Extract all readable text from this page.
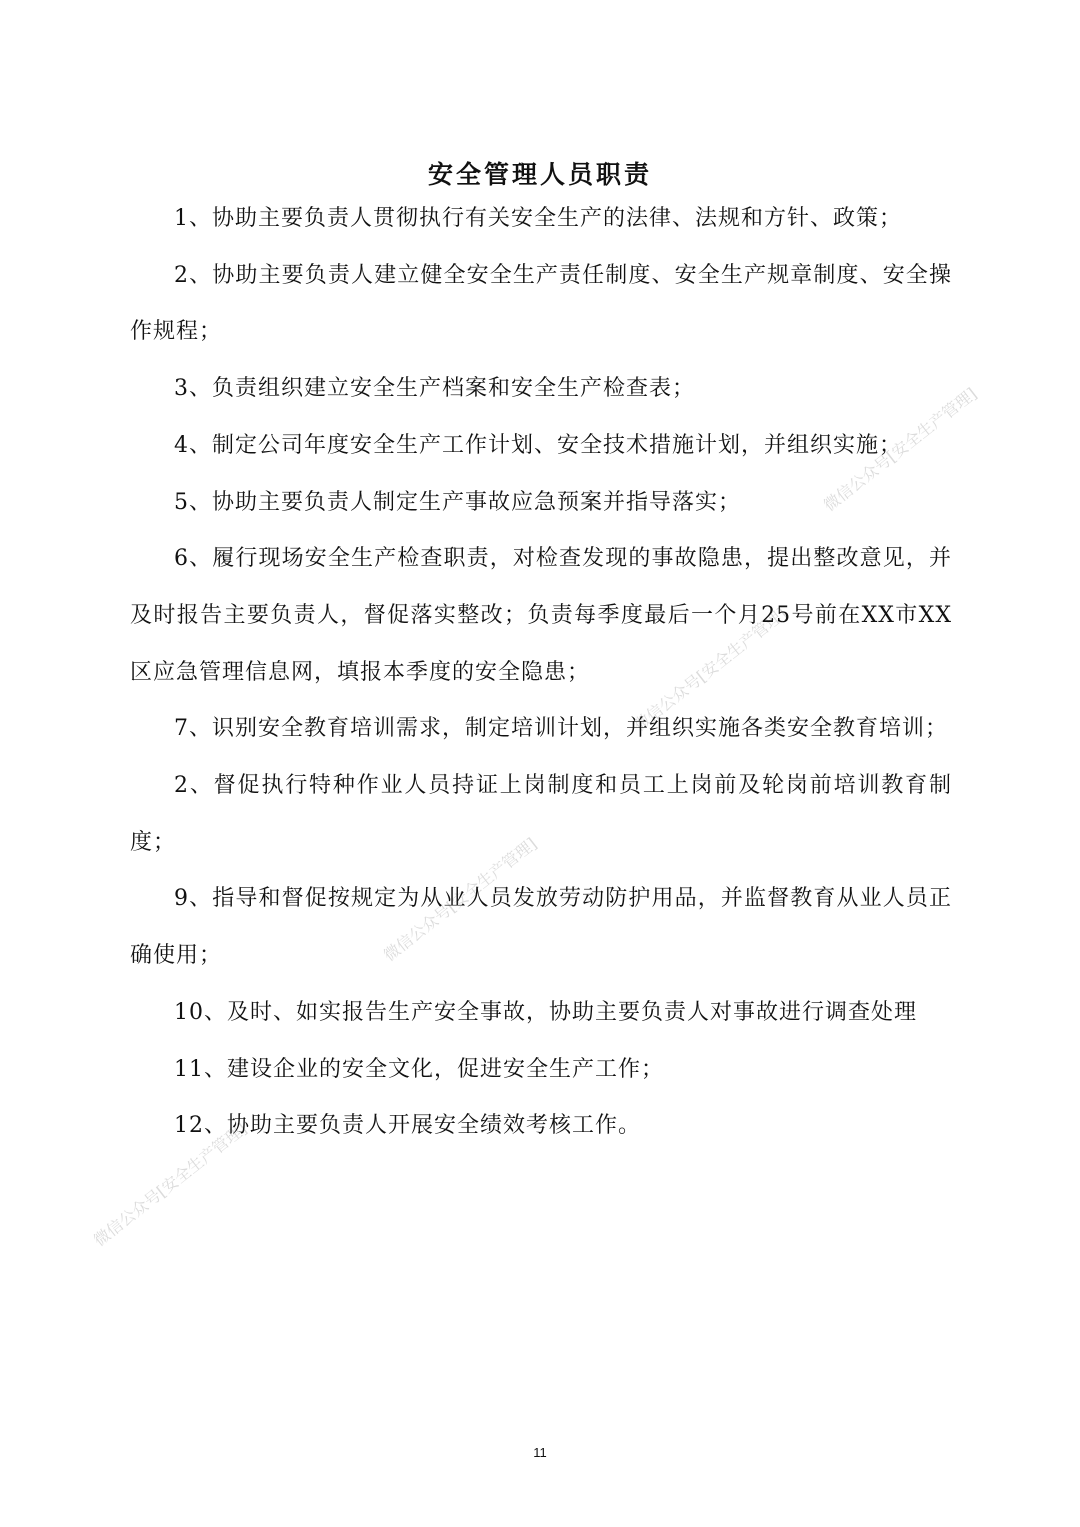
微信公众号[安全生产管理]
微信公众号[安全生产管理]
微信公众号[安全生产管理]
微信公众号[安全生产管理]
安全管理人员职责

1、协助主要负责人贯彻执行有关安全生产的法律、法规和方针、政策；

2、协助主要负责人建立健全安全生产责任制度、安全生产规章制度、安全操作规程；

3、负责组织建立安全生产档案和安全生产检查表；

4、制定公司年度安全生产工作计划、安全技术措施计划，并组织实施；

5、协助主要负责人制定生产事故应急预案并指导落实；

6、履行现场安全生产检查职责，对检查发现的事故隐患，提出整改意见，并及时报告主要负责人，督促落实整改；负责每季度最后一个月25号前在XX市XX区应急管理信息网，填报本季度的安全隐患；

7、识别安全教育培训需求，制定培训计划，并组织实施各类安全教育培训；

2、督促执行特种作业人员持证上岗制度和员工上岗前及轮岗前培训教育制度；

9、指导和督促按规定为从业人员发放劳动防护用品，并监督教育从业人员正确使用；

10、及时、如实报告生产安全事故，协助主要负责人对事故进行调查处理

11、建设企业的安全文化，促进安全生产工作；

12、协助主要负责人开展安全绩效考核工作。

11
